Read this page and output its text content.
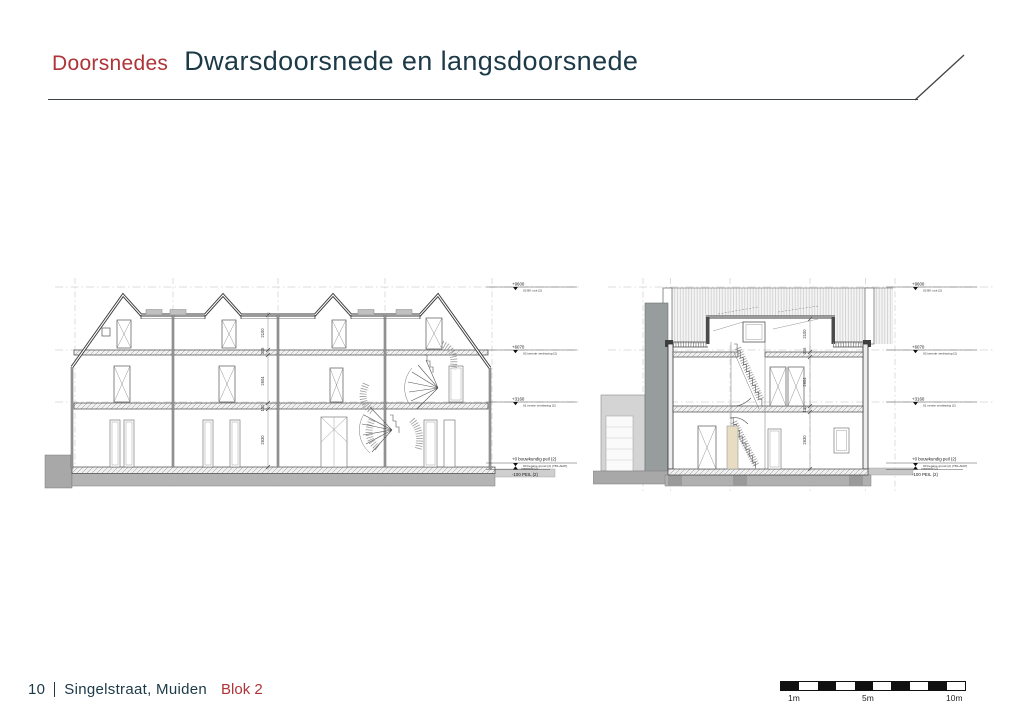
Doorsnedes Dwarsdoorsnede en langsdoorsnede
2100
306
2604
130
2630
+9600
02 BK nok (2)
+6070
02 tweede verdieping (2)
+3160
01 eerste verdieping (2)
+0 bouwkundig peil (2)
00 begane grond (2) (750+NAP)
maaiveld (2)
-100 PEIL (2)
2100
306
2604
130
2630
+9600
02 BK nok (2)
+6070
02 tweede verdieping (2)
+3160
01 eerste verdieping (2)
+0 bouwkundig peil (2)
00 begane grond (2) (750+NAP)
maaiveld (2)
-100 PEIL (2)
10 Singelstraat, Muiden Blok 2	1m	5m	10m
